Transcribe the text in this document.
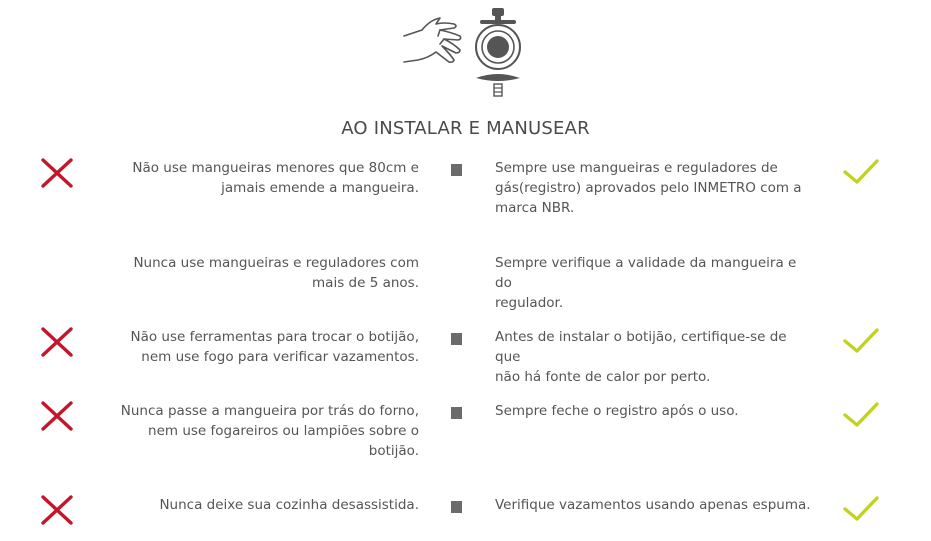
AO INSTALAR E MANUSEAR
Não use mangueiras menores que 80cm e
jamais emende a mangueira.
Sempre use mangueiras e reguladores de
gás(registro) aprovados pelo INMETRO com a
marca NBR.
Nunca use mangueiras e reguladores com
mais de 5 anos.
Sempre verifique a validade da mangueira e do
regulador.
Não use ferramentas para trocar o botijão,
nem use fogo para verificar vazamentos.
Antes de instalar o botijão, certifique-se de que
não há fonte de calor por perto.
Nunca passe a mangueira por trás do forno,
nem use fogareiros ou lampiões sobre o
botijão.
Sempre feche o registro após o uso.
Nunca deixe sua cozinha desassistida.	Verifique vazamentos usando apenas espuma.
